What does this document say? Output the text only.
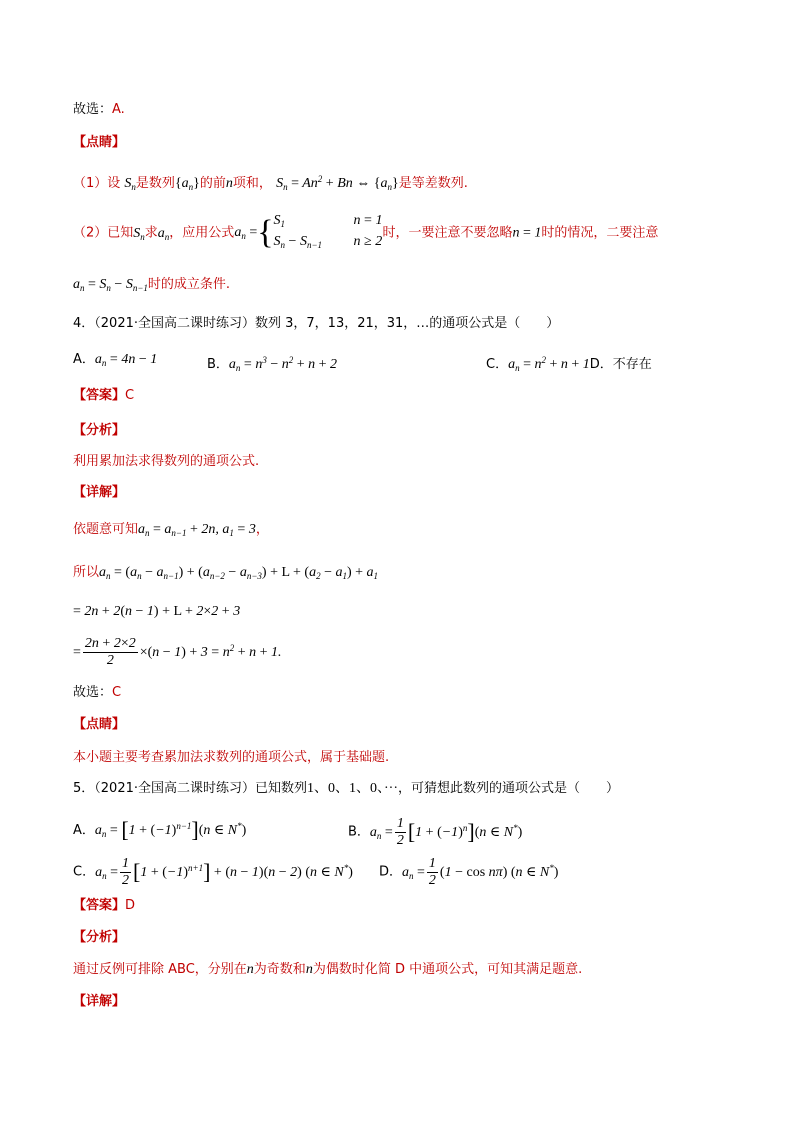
故选：A.
【点睛】
（1）设 $S_n$是数列$\{a_n\}$的前n项和， $S_n = An^2 + Bn$ ⇔ $\{a_n\}$是等差数列.
（2）已知$S_n$求$a_n$，应用公式$a_n$ ={ $S_1$	n = 1
$S_n - S_{n-1}$	n ≥ 2
时，一要注意不要忽略n = 1时的情况，二要注意
$a_n = S_n - S_{n-1}$时的成立条件.
4．（2021·全国高二课时练习）数列 3，7，13，21，31，…的通项公式是（　　）
A．$a_n = 4n - 1$	B．$a_n = n^3 - n^2 + n + 2$	C．$a_n = n^2 + n + 1D$．不存在
【答案】C
【分析】
利用累加法求得数列的通项公式.
【详解】
依题意可知$a_n = a_{n-1} + 2n$, $a_1 = 3$，
所以$a_n = (a_n - a_{n-1}) + (a_{n-2} - a_{n-3}) + L + (a_2 - a_1) + a_1$
= 2n + 2(n − 1) + L + 2×2 + 3
= $\frac{2n + 2\times 2}{2} \times(n - 1) + 3 = n^2 + n + 1$.
故选：C
【点睛】
本小题主要考查累加法求数列的通项公式，属于基础题.
5．（2021·全国高二课时练习）已知数列1、0、1、0、···，可猜想此数列的通项公式是（　　）
A．$a_n = [1 + (-1)^{n-1}](n$ ∈ N*)	B．$a_n = \frac{1}{2} [1 + (-1)^n](n$ ∈ N*)
C．$a_n = \frac{1}{2} [1 + (-1)^{n+1}] + (n - 1)(n - 2)$ (n ∈ N*) D．$a_n = \frac{1}{2} (1 - \cos n\pi)$ (n ∈ N*)
【答案】D
【分析】
通过反例可排除 ABC，分别在n为奇数和n为偶数时化简 D 中通项公式，可知其满足题意.
【详解】
